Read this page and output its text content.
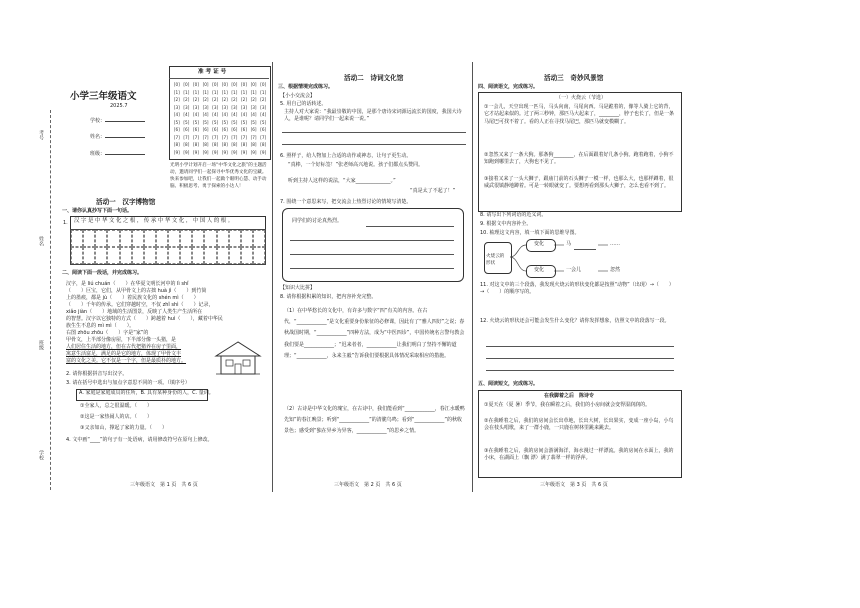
考号
姓名
班级
学校
小学三年级语文
2025.7
学校：
姓名：
班级：
准 考 证 号
[0] [0] [0] [0] [0] [0] [0] [0] [0] [0]
[1] [1] [1] [1] [1] [1] [1] [1] [1] [1]
[2] [2] [2] [2] [2] [2] [2] [2] [2] [2]
[3] [3] [3] [3] [3] [3] [3] [3] [3] [3]
[4] [4] [4] [4] [4] [4] [4] [4] [4] [4]
[5] [5] [5] [5] [5] [5] [5] [5] [5] [5]
[6] [6] [6] [6] [6] [6] [6] [6] [6] [6]
[7] [7] [7] [7] [7] [7] [7] [7] [7] [7]
[8] [8] [8] [8] [8] [8] [8] [8] [8] [8]
[9] [9] [9] [9] [9] [9] [9] [9] [9] [9]
光明小学计划开启一场“中华文化之旅”的主题活动，邀请同学们一起探寻中华优秀文化的宝藏。快来参加吧，让我们一起做个眼明心慧、动手动脑、积极思考、勇于探索的小达人！
活动一　汉字博物馆
一、请你认真抄写下面一句话。
1. 汉字是中华文化之根，传承中华文化，中国人的根。
二、阅读下面一段话，并完成练习。
汉字，是 liú chuán（　　）在华夏文明长河中的 lì shǐ
（　　）巨宝，它们，从甲骨文上的古拙 huà jì（　　）到竹简
上的墨痕，都是 jù（　　）着民族文化的 shén mì（　　）
（　　）千年的传承。它们穿越时空，不仅 zhǐ shì（　　）记录，
xiǎo jiàn（　　）地域的生活图景，反映了人类生产生活所在
的智慧。汉字以它独特的方式（　　）跨越着 huì（　　），藏着中华民
族生生不息的 mì mì（　　）。
右图 zhōu zhōu（　　）字是“家”的
甲骨文，上半部分像房屋，下半部分像一头猪，是
人们居住生活的地方，但在古代把猪养在房子里面，
寓意生活富足，满足的是它的地方，体现了甲骨文丰
富的文化之美。它不仅是一个字，但是最质朴的地方。
2. 请你根据拼音写出汉字。
3. 请在括号中选出与加点字意思不同的一项。（填序号）
A. 家庭是家庭成员的住所，B. 具有某种身份的人，C. 量词。
①全家人，总之很温暖。（　　）
②这是一家热闹人的店。（　　）
③父亲如山，撑起了家的力量。（　　）
4. 文中画“____”的句子有一处语病，请用修改符号在原句上修改。
三年级语文　第 1 页　共 6 页
活动二　诗词文化馆
三、根据情境完成练习。
【小小交流会】
5. 用自己的话转述。
主持人对大家说：“我最崇敬的中国，是那个唐诗宋词源远流长的国度，我国大诗人，是谁呢？请同学们一起来说一说。”
6. 照样子，给人物加上合适的动作或神态，让句子更生动。
“真棒，一个好标签！”张老师高兴地说。孩子们都点头赞同。
听到主持人这样的说法，“大家______________。”
“真是太了不起了！”
7. 围绕一个意思来写，把交流会上热烈讨论的情境写清楚。
同学们的讨论真热烈。
【知识大比拼】
8. 请你根据积累的知识，把内容补充完整。
（1）在中华悠长的文化中，有许多与数字“四”有关的内容。在古代，“____________”是文化重要身份象征的必修课，因此有了“雅人四好”之说；春秋战国时期，“____________”四种方法，成为“中医四诊”，中国传统名言警句教会我们要是____________；“迟来者者，____________让我们明白了坚持不懈的道理；“____________，永来主毅”告诉我们要根据具体情况采取相应的措施。
（2）古诗是中华文化的瑰宝，在古诗中，我们能看到“____________，春江水暖鸭先知”的春江晚景；听到“____________”的清脆鸟鸣；看到“____________”的秋收景色；感受到“独在异乡为异客，____________”的思乡之情。
三年级语文　第 2 页　共 6 页
活动三　奇妙风景馆
四、阅读语文，完成练习。
（一）火烧云（节选）
①一会儿，天空出现一匹马，马头向南，马尾向西。马是跪着的，像等人骑上它的背，它才站起来似的。过了两三秒钟，那匹马大起来了，________，脖子也长了，但是一条马尾巴可找不着了。看的人正在寻找马尾巴，那匹马就变模糊了。
②忽然又来了一条大狗。那条狗________，在后面跟着好几条小狗。跑着跑着，小狗不知跑到哪里去了，大狗也不见了。
③接着又来了一头大狮子，跟庙门前的石头狮子一模一样，也那么大，也那样蹲着，很威武很镇静地蹲着。可是一转眼就变了。要想再看到那头大狮子，怎么也看不到了。
8. 请写出下列词语的近义词。
9. 根据文中内容补全。
10. 梳理这文内容，填一填下面的思维导图。
火烧云的形状
变化	马	……
变化	一会儿	忽然
11. 对这文中的三个段落，我发现火烧云的形状变化都是按照“动物”（出现）→（　　）→（　　）的顺序写的。
12. 火烧云的形状还会可能会发生什么变化？请你发挥想象，仿照文中的段落写一段。
五、阅读短文，完成练习。
在我脚着之后　陈诗专
①夏天在（夏 暑）季节，我在瞬着之后，我们的小房间就会变得湿润润的。
②在我睡着之后，我们的房间会长出草地，长出大树，长出果实，变成一座小岛，小鸟会在枝头唱歌，来了一群小鹿，一只鹿在树林里跳来跳去。
③在我睡着之后，我的房间会游满海洋，海水漫过一样漂流。我的房间在水面上，我的小床，在湖面上（飘 漂）满了翡翠一样的浮萍。
三年级语文　第 3 页　共 6 页
